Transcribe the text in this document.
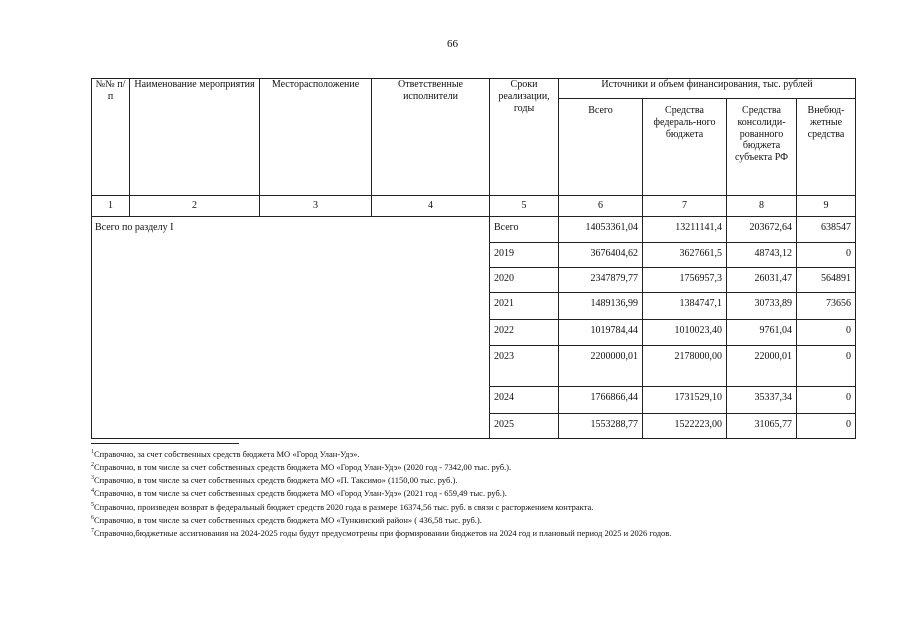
66
№№ п/п	Наименование мероприятия	Месторасположение	Ответственные исполнители	Сроки реализации, годы	Источники и объем финансирования, тыс. рублей			
					Всего	Средства федераль-ного бюджета	Средства консолиди-рованного бюджета субъекта РФ	Внебюд-жетные средства
1	2	3	4	5	6	7	8	9
Всего по разделу I				Всего	14053361,04	13211141,4	203672,64	638547
				2019	3676404,62	3627661,5	48743,12	0
				2020	2347879,77	1756957,3	26031,47	564891
				2021	1489136,99	1384747,1	30733,89	73656
				2022	1019784,44	1010023,40	9761,04	0
				2023	2200000,01	2178000,00	22000,01	0
				2024	1766866,44	1731529,10	35337,34	0
				2025	1553288,77	1522223,00	31065,77	0
$^1$Справочно, за счет собственных средств бюджета МО «Город Улан-Удэ».
$^2$Справочно, в том числе за счет собственных средств бюджета МО «Город Улан-Удэ» (2020 год - 7342,00 тыс. руб.).
$^3$Справочно, в том числе за счет собственных средств бюджета МО «П. Таксимо» (1150,00 тыс. руб.).
$^4$Справочно, в том числе за счет собственных средств бюджета МО «Город Улан-Удэ» (2021 год - 659,49 тыс. руб.).
$^5$Справочно, произведен возврат в федеральный бюджет средств 2020 года в размере 16374,56 тыс. руб. в связи с расторжением контракта.
$^6$Справочно, в том числе за счет собственных средств бюджета МО «Тункинский район» ( 436,58 тыс. руб.).
$^7$Справочно,бюджетные ассигнования на 2024-2025 годы будут предусмотрены при формировании бюджетов на 2024 год и плановый период 2025 и 2026 годов.
